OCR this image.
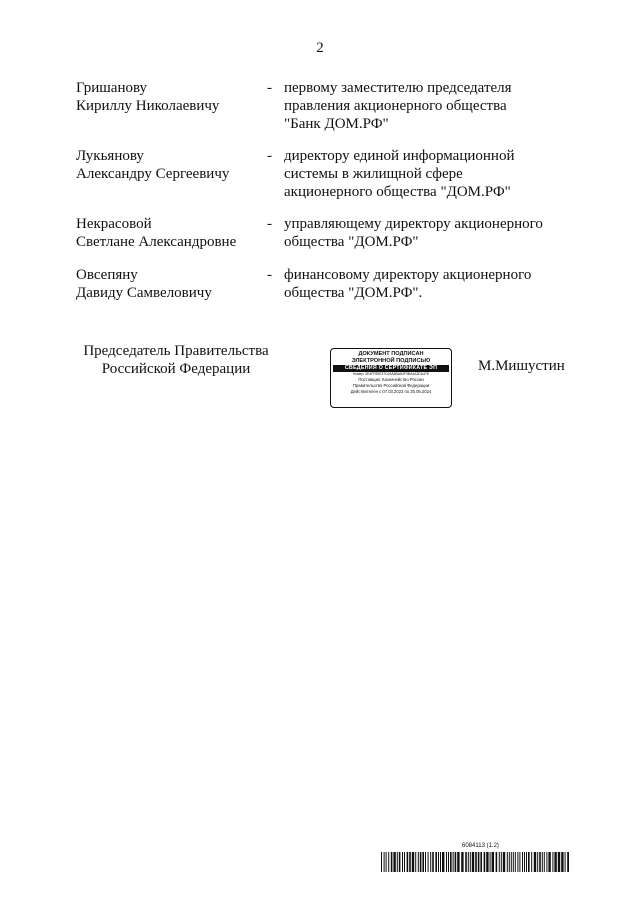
2
Гришанову
Кириллу Николаевичу
- первому заместителю председателя
правления акционерного общества
"Банк ДОМ.РФ"
Лукьянову
Александру Сергеевичу
- директору единой информационной
системы в жилищной сфере
акционерного общества "ДОМ.РФ"
Некрасовой
Светлане Александровне
- управляющему директору акционерного
общества "ДОМ.РФ"
Овсепяну
Давиду Самвеловичу
- финансовому директору акционерного
общества "ДОМ.РФ".
Председатель Правительства
Российской Федерации
ДОКУМЕНТ ПОДПИСАН
ЭЛЕКТРОННОЙ ПОДПИСЬЮ
СВЕДЕНИЯ О СЕРТИФИКАТЕ ЭП
Номер: 2E4FF89E37D24A5BA83F3BA4A3DA47E
Поставщик: Казначейство России
Правительство Российской Федерации
Действителен с 07.03.2023 по 30.05.2024
М.Мишустин
6084113 (1.2)
